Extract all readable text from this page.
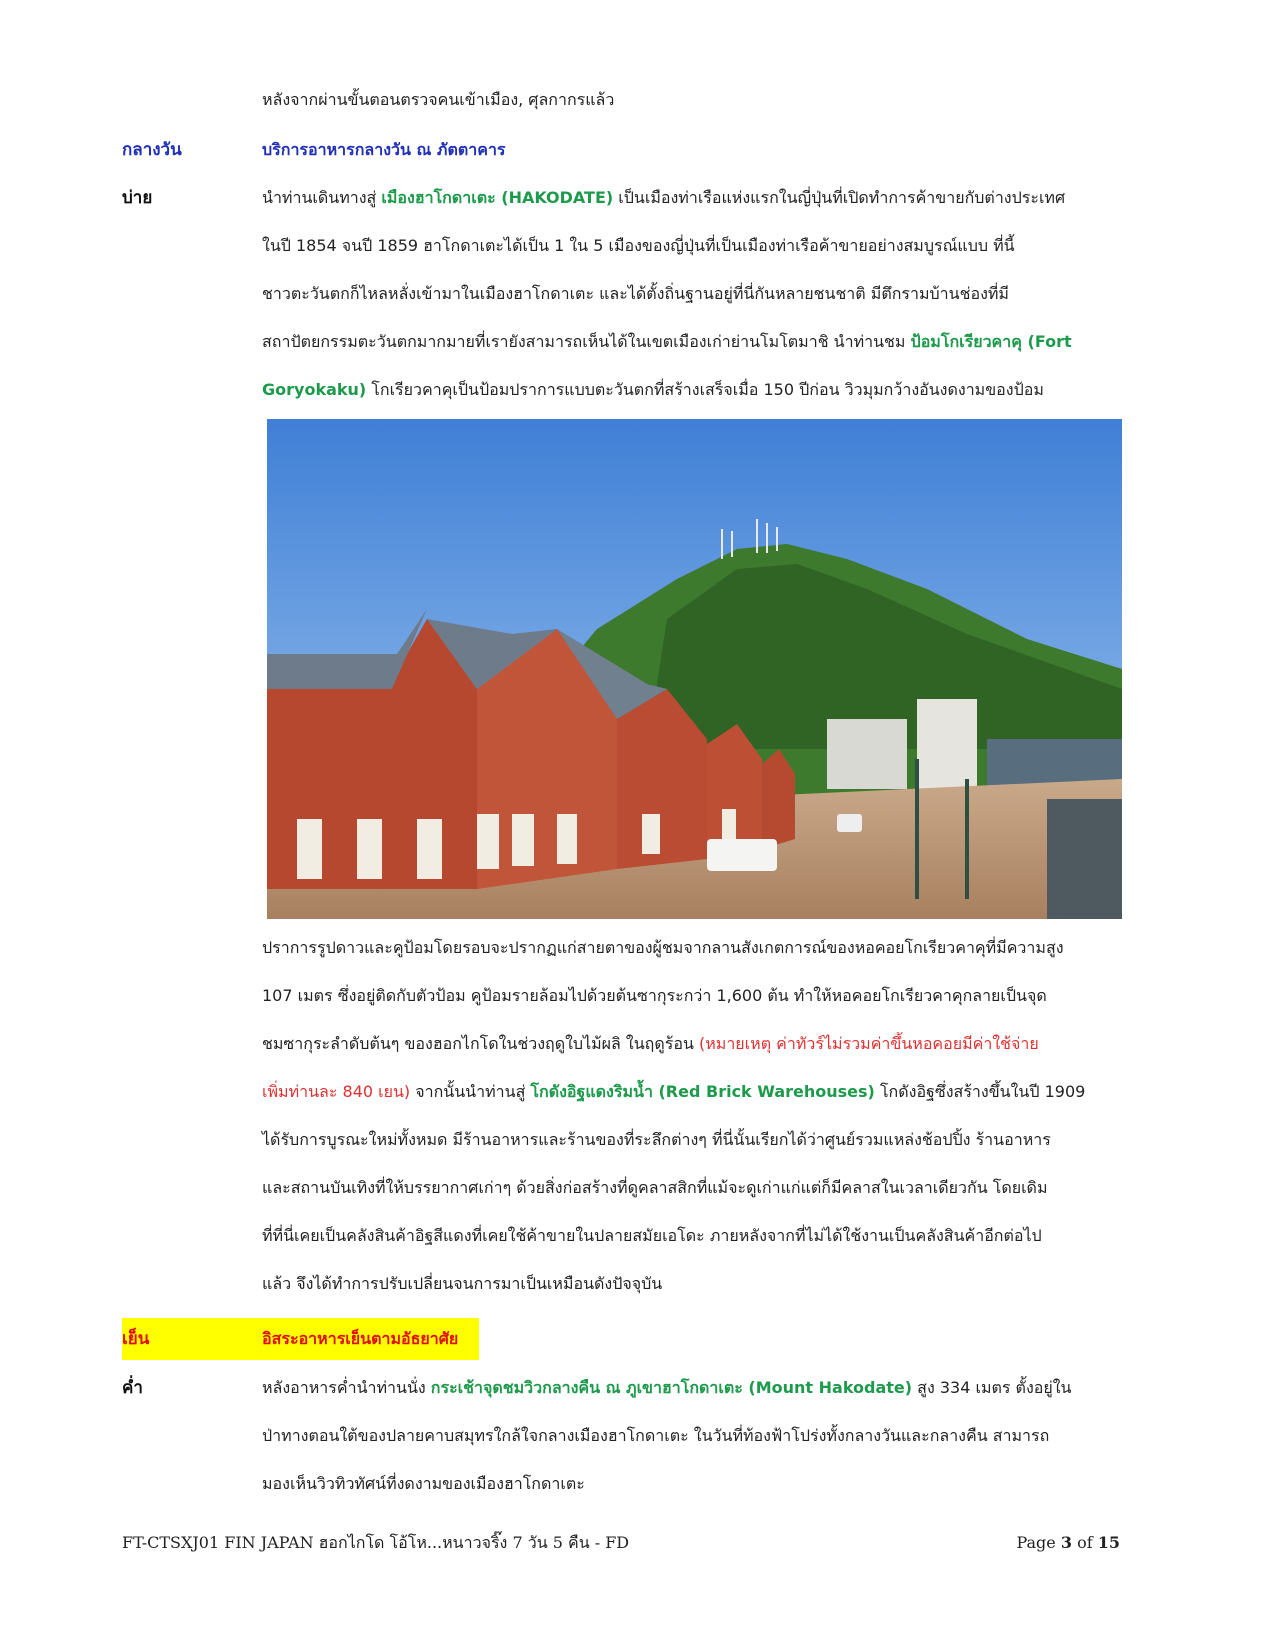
หลังจากผ่านขั้นตอนตรวจคนเข้าเมือง, ศุลกากรแล้ว
กลางวัน	บริการอาหารกลางวัน ณ ภัตตาคาร
บ่าย	นำท่านเดินทางสู่ เมืองฮาโกดาเตะ (HAKODATE) เป็นเมืองท่าเรือแห่งแรกในญี่ปุ่นที่เปิดทำการค้าขายกับต่างประเทศ
ในปี 1854 จนปี 1859 ฮาโกดาเตะได้เป็น 1 ใน 5 เมืองของญี่ปุ่นที่เป็นเมืองท่าเรือค้าขายอย่างสมบูรณ์แบบ ที่นี้
ชาวตะวันตกก็ไหลหลั่งเข้ามาในเมืองฮาโกดาเตะ และได้ตั้งถิ่นฐานอยู่ที่นี่กันหลายชนชาติ มีตึกรามบ้านช่องที่มี
สถาปัตยกรรมตะวันตกมากมายที่เรายังสามารถเห็นได้ในเขตเมืองเก่าย่านโมโตมาชิ นำท่านชม ป้อมโกเรียวคาคุ (Fort
Goryokaku) โกเรียวคาคุเป็นป้อมปราการแบบตะวันตกที่สร้างเสร็จเมื่อ 150 ปีก่อน วิวมุมกว้างอันงดงามของป้อม
ปราการรูปดาวและคูป้อมโดยรอบจะปรากฏแก่สายตาของผู้ชมจากลานสังเกตการณ์ของหอคอยโกเรียวคาคุที่มีความสูง
107 เมตร ซึ่งอยู่ติดกับตัวป้อม คูป้อมรายล้อมไปด้วยต้นซากุระกว่า 1,600 ต้น ทำให้หอคอยโกเรียวคาคุกลายเป็นจุด
ชมซากุระลำดับต้นๆ ของฮอกไกโดในช่วงฤดูใบไม้ผลิ ในฤดูร้อน (หมายเหตุ ค่าทัวร์ไม่รวมค่าขึ้นหอคอยมีค่าใช้จ่าย
เพิ่มท่านละ 840 เยน) จากนั้นนำท่านสู่ โกดังอิฐแดงริมน้ำ (Red Brick Warehouses) โกดังอิฐซึ่งสร้างขึ้นในปี 1909
ได้รับการบูรณะใหม่ทั้งหมด มีร้านอาหารและร้านของที่ระลึกต่างๆ ที่นี่นั้นเรียกได้ว่าศูนย์รวมแหล่งช้อปปิ้ง ร้านอาหาร
และสถานบันเทิงที่ให้บรรยากาศเก่าๆ ด้วยสิ่งก่อสร้างที่ดูคลาสสิกที่แม้จะดูเก่าแก่แต่ก็มีคลาสในเวลาเดียวกัน โดยเดิม
ที่ที่นี่เคยเป็นคลังสินค้าอิฐสีแดงที่เคยใช้ค้าขายในปลายสมัยเอโดะ ภายหลังจากที่ไม่ได้ใช้งานเป็นคลังสินค้าอีกต่อไป
แล้ว จึงได้ทำการปรับเปลี่ยนจนการมาเป็นเหมือนดังปัจจุบัน
เย็น	อิสระอาหารเย็นตามอัธยาศัย
ค่ำ	หลังอาหารค่ำนำท่านนั่ง กระเช้าจุดชมวิวกลางคืน ณ ภูเขาฮาโกดาเตะ (Mount Hakodate) สูง 334 เมตร ตั้งอยู่ใน
ป่าทางตอนใต้ของปลายคาบสมุทรใกล้ใจกลางเมืองฮาโกดาเตะ ในวันที่ท้องฟ้าโปร่งทั้งกลางวันและกลางคืน สามารถ
มองเห็นวิวทิวทัศน์ที่งดงามของเมืองฮาโกดาเตะ
FT-CTSXJ01 FIN JAPAN ฮอกไกโด โอ้โห...หนาวจริ๊ง 7 วัน 5 คืน - FD	Page 3 of 15
